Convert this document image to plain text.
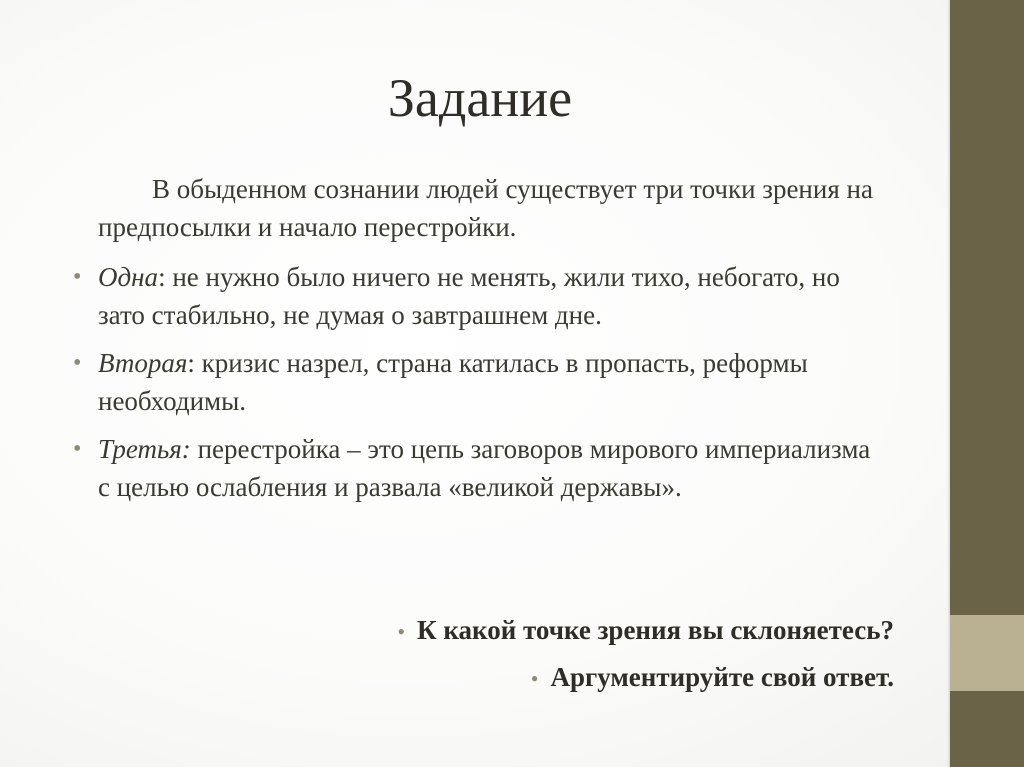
Задание

В обыденном сознании людей существует три точки зрения на предпосылки и начало перестройки.

• Одна: не нужно было ничего не менять, жили тихо, небогато, но зато стабильно, не думая о завтрашнем дне.

• Вторая: кризис назрел, страна катилась в пропасть, реформы необходимы.

• Третья: перестройка – это цепь заговоров мирового империализма с целью ослабления и развала «великой державы».

• К какой точке зрения вы склоняетесь?
• Аргументируйте свой ответ.
